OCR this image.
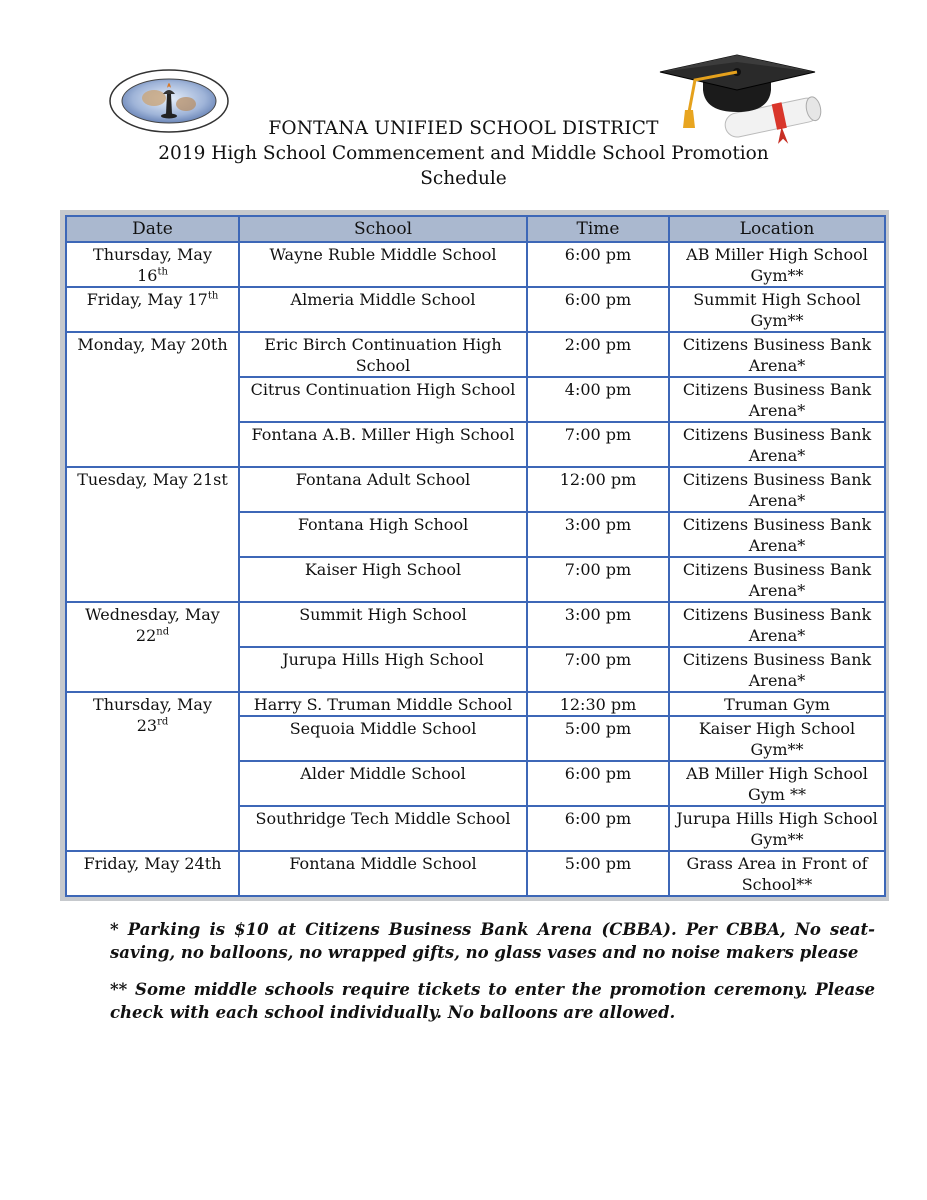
FONTANA UNIFIED SCHOOL DISTRICT
2019 High School Commencement and Middle School Promotion
Schedule
Date	School	Time	Location
Thursday, May
16th	Wayne Ruble Middle School	6:00 pm	AB Miller High School Gym**
Friday, May 17th	Almeria Middle School	6:00 pm	Summit High School Gym**
Monday, May 20th	Eric Birch Continuation High School	2:00 pm	Citizens Business Bank Arena*
	Citrus Continuation High School	4:00 pm	Citizens Business Bank Arena*
	Fontana A.B. Miller High School	7:00 pm	Citizens Business Bank Arena*
Tuesday, May 21st	Fontana Adult School	12:00 pm	Citizens Business Bank Arena*
	Fontana High School	3:00 pm	Citizens Business Bank Arena*
	Kaiser High School	7:00 pm	Citizens Business Bank Arena*
Wednesday, May
22nd	Summit High School	3:00 pm	Citizens Business Bank Arena*
	Jurupa Hills High School	7:00 pm	Citizens Business Bank Arena*
Thursday, May
23rd	Harry S. Truman Middle School	12:30 pm	Truman Gym
	Sequoia Middle School	5:00 pm	Kaiser High School Gym**
	Alder Middle School	6:00 pm	AB Miller High School Gym **
	Southridge Tech Middle School	6:00 pm	Jurupa Hills High School Gym**
Friday, May 24th	Fontana Middle School	5:00 pm	Grass Area in Front of School**

* Parking is $10 at Citizens Business Bank Arena (CBBA). Per CBBA, No seat-saving, no balloons, no wrapped gifts, no glass vases and no noise makers please

** Some middle schools require tickets to enter the promotion ceremony. Please check with each school individually. No balloons are allowed.
